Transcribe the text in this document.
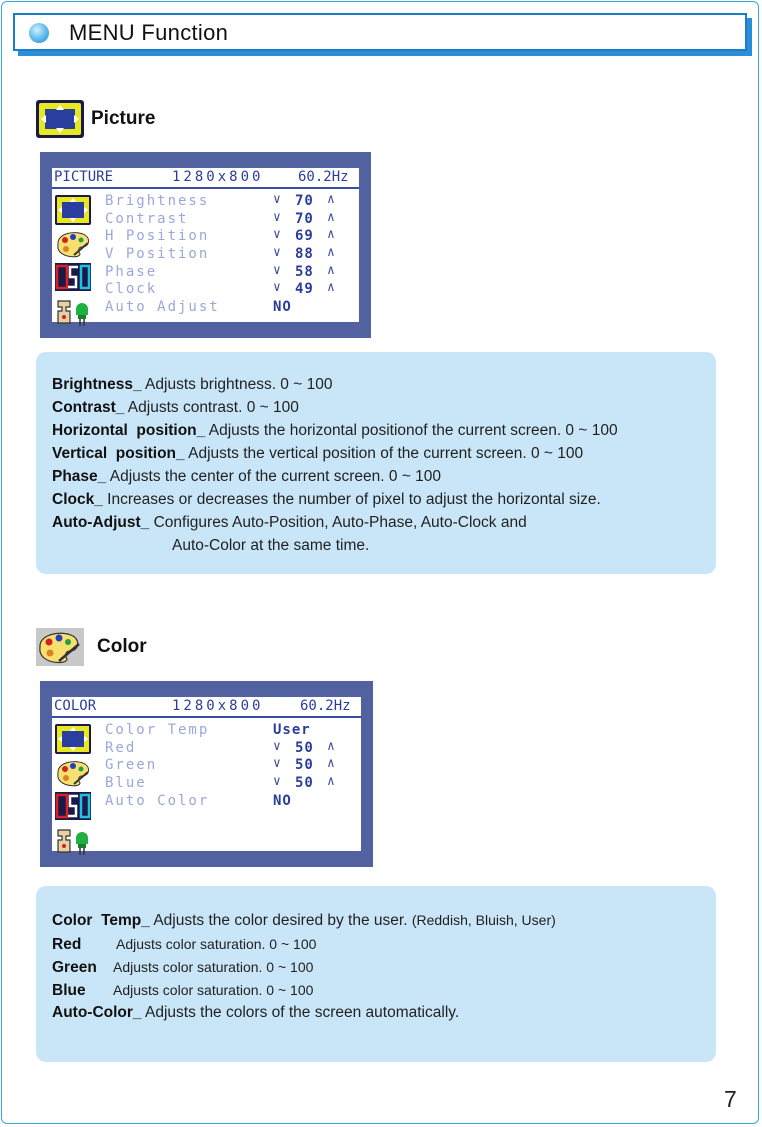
MENU Function
Picture
PICTURE	1280x800 60.2Hz
Brightness	∨ 70 ∧
Contrast	∨ 70 ∧
H Position	∨ 69 ∧
V Position	∨ 88 ∧
Phase	∨ 58 ∧
Clock	∨ 49 ∧
Auto Adjust	NO
Brightness_ Adjusts brightness. 0 ~ 100
Contrast_ Adjusts contrast. 0 ~ 100
Horizontal  position_ Adjusts the horizontal positionof the current screen. 0 ~ 100
Vertical  position_ Adjusts the vertical position of the current screen. 0 ~ 100
Phase_ Adjusts the center of the current screen. 0 ~ 100
Clock_ Increases or decreases the number of pixel to adjust the horizontal size.
Auto-Adjust_ Configures Auto-Position, Auto-Phase, Auto-Clock and
Auto-Color at the same time.
Color
COLOR	1280x800	60.2Hz
Color Temp	User
Red	∨ 50 ∧
Green	∨ 50 ∧
Blue	∨ 50 ∧
Auto Color	NO
Color  Temp_ Adjusts the color desired by the user. (Reddish, Bluish, User)
Red Adjusts color saturation. 0 ~ 100
Green Adjusts color saturation. 0 ~ 100
Blue Adjusts color saturation. 0 ~ 100
Auto-Color_ Adjusts the colors of the screen automatically.
7
